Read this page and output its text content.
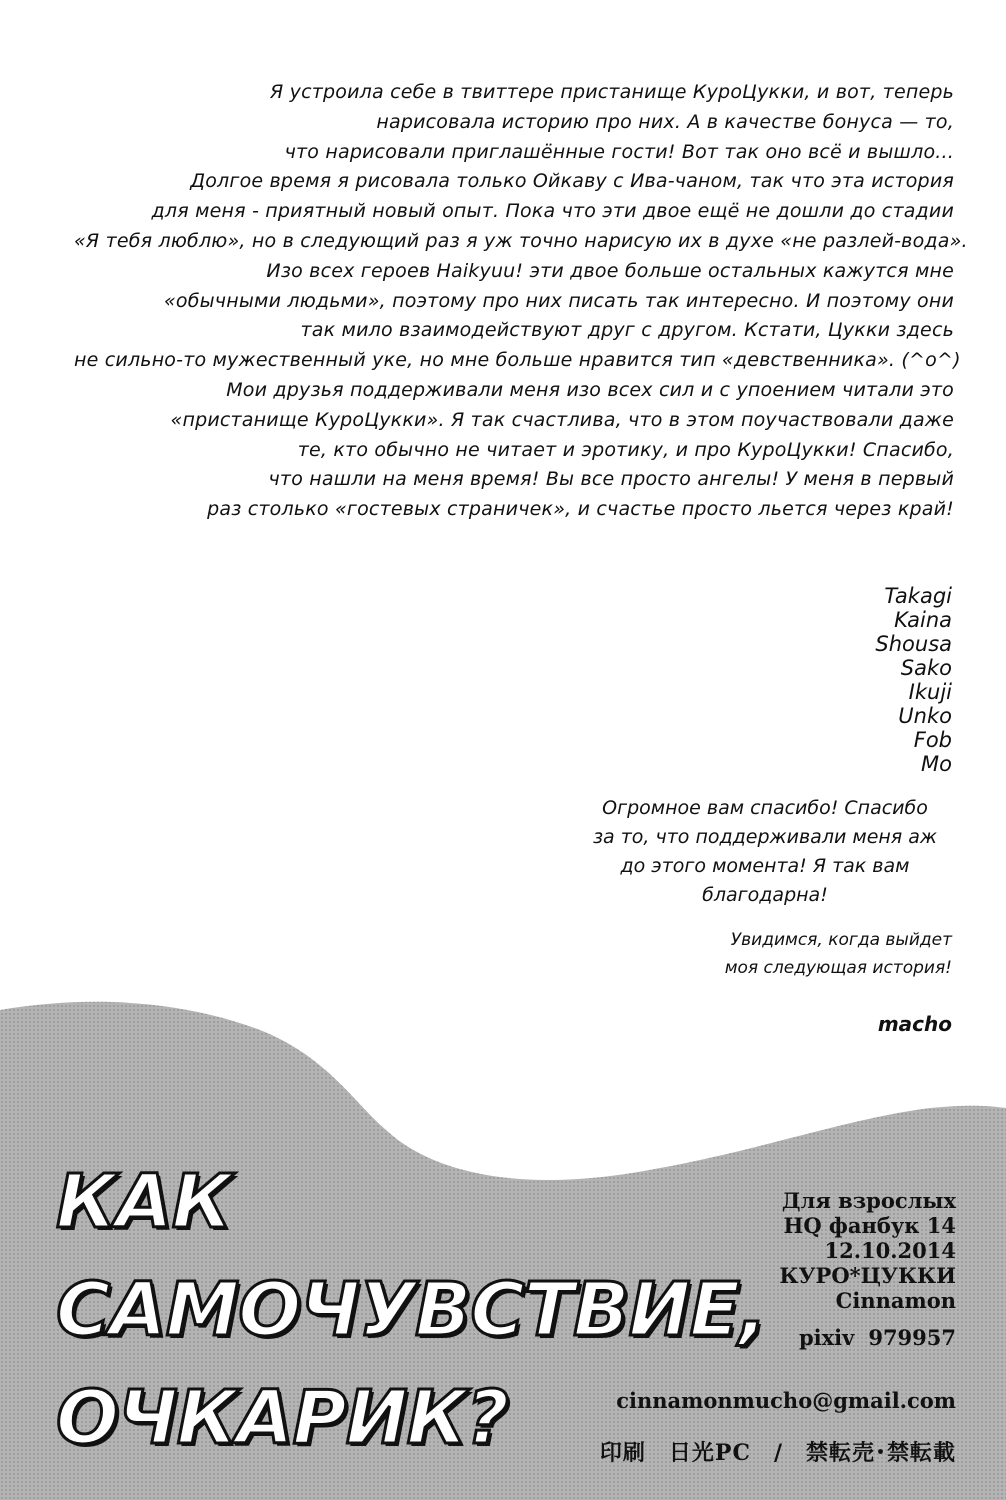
Я устроила себе в твиттере пристанище КуроЦукки, и вот, теперь
нарисовала историю про них. А в качестве бонуса — то,
что нарисовали приглашённые гости! Вот так оно всё и вышло...
Долгое время я рисовала только Ойкаву с Ива-чаном, так что эта история
для меня - приятный новый опыт. Пока что эти двое ещё не дошли до стадии
«Я тебя люблю», но в следующий раз я уж точно нарисую их в духе «не разлей-вода».
Изо всех героев Haikyuu! эти двое больше остальных кажутся мне
«обычными людьми», поэтому про них писать так интересно. И поэтому они
так мило взаимодействуют друг с другом. Кстати, Цукки здесь
не сильно-то мужественный уке, но мне больше нравится тип «девственника». (^o^)
Мои друзья поддерживали меня изо всех сил и с упоением читали это
«пристанище КуроЦукки». Я так счастлива, что в этом поучаствовали даже
те, кто обычно не читает и эротику, и про КуроЦукки! Спасибо,
что нашли на меня время! Вы все просто ангелы! У меня в первый
раз столько «гостевых страничек», и счастье просто льется через край!
Takagi
Kaina
Shousa
Sako
Ikuji
Unko
Fob
Mo
Огромное вам спасибо! Спасибо
за то, что поддерживали меня аж
до этого момента! Я так вам
благодарна!
Увидимся, когда выйдет
моя следующая история!
macho
КАК
САМОЧУВСТВИЕ,
ОЧКАРИК?
Для взрослых
HQ фанбук 14
12.10.2014
КУРО*ЦУККИ
Cinnamon
pixiv 979957
cinnamonmucho@gmail.com
印刷　日光PC　/　禁転売･禁転載
